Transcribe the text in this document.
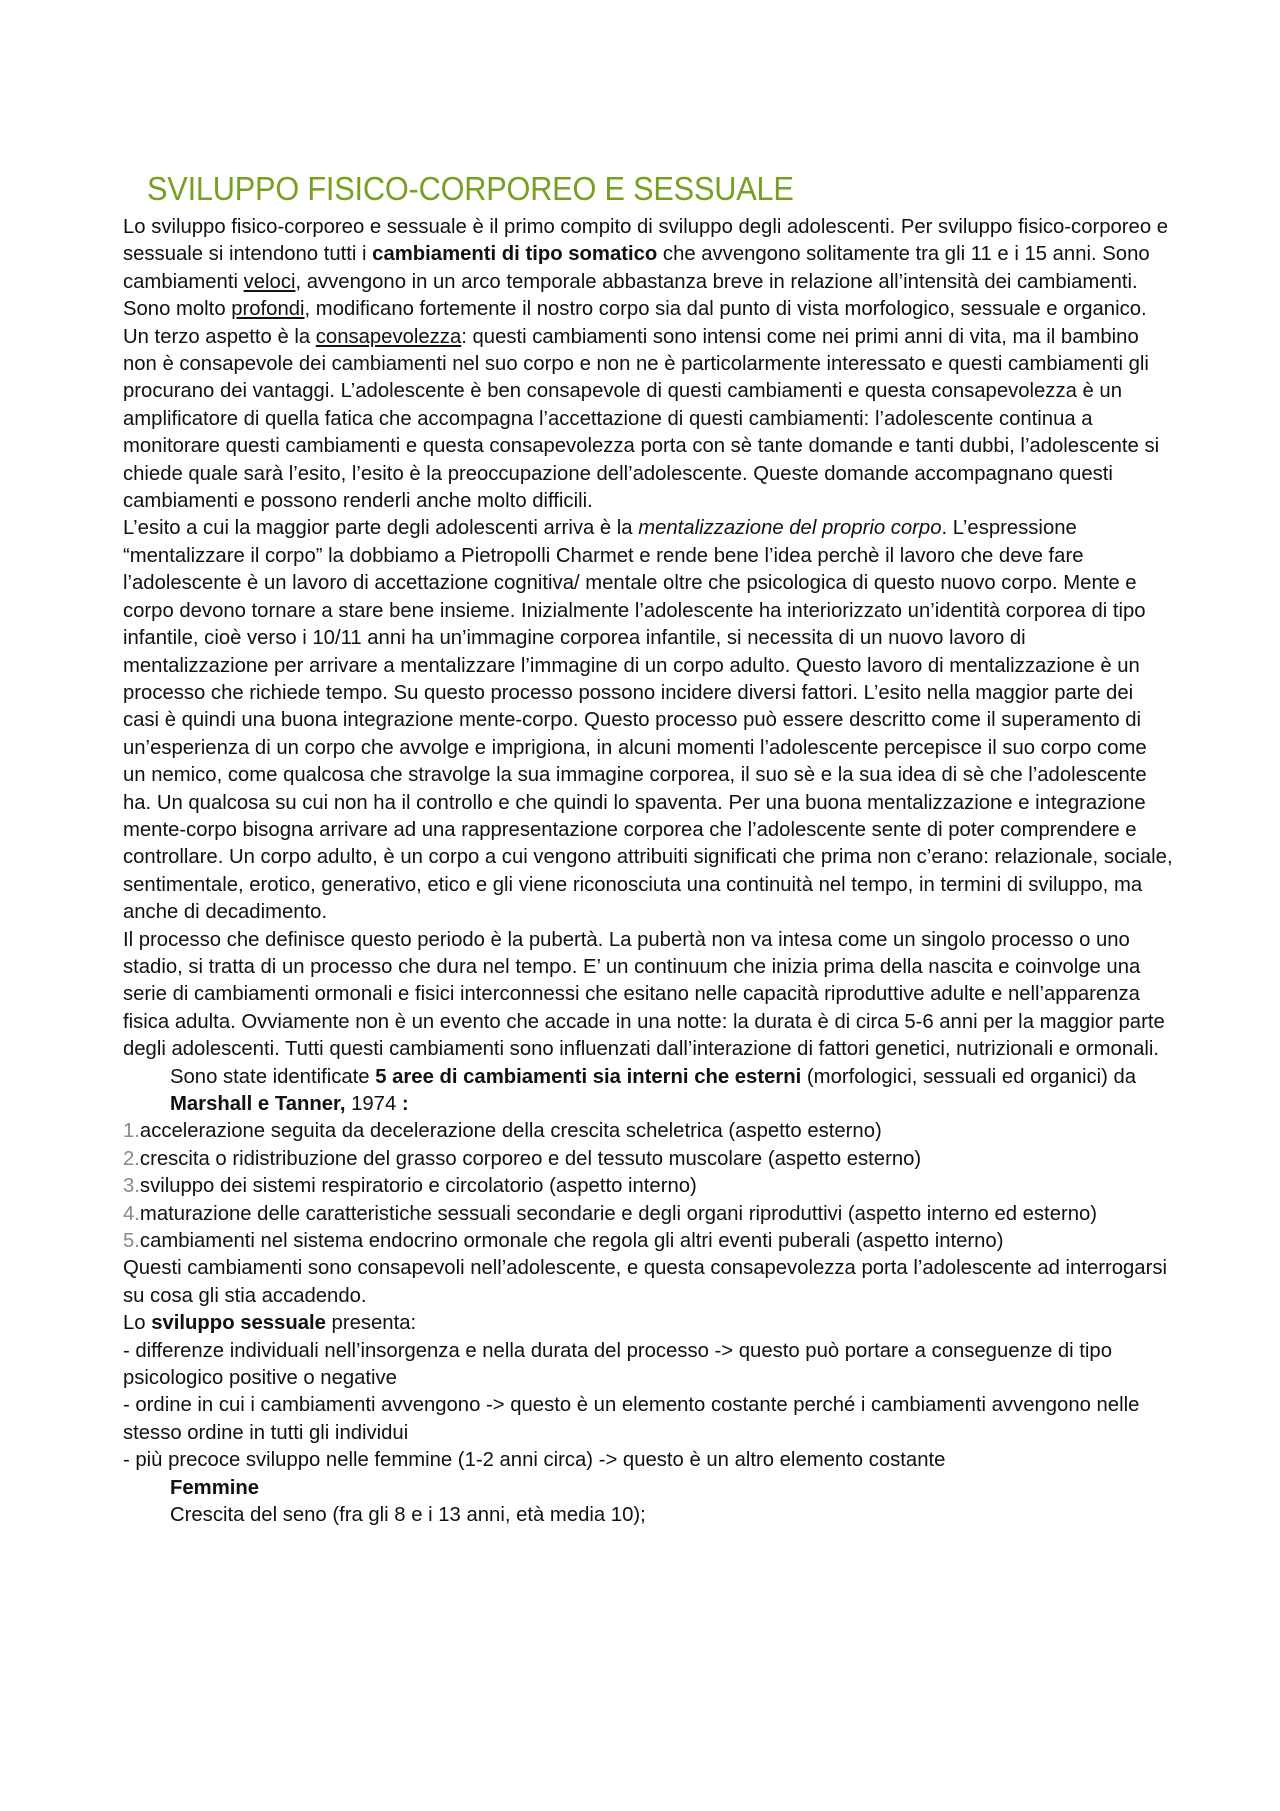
SVILUPPO FISICO-CORPOREO E SESSUALE

Lo sviluppo fisico-corporeo e sessuale è il primo compito di sviluppo degli adolescenti. Per sviluppo fisico-corporeo e sessuale si intendono tutti i cambiamenti di tipo somatico che avvengono solitamente tra gli 11 e i 15 anni. Sono cambiamenti veloci, avvengono in un arco temporale abbastanza breve in relazione all’intensità dei cambiamenti. Sono molto profondi, modificano fortemente il nostro corpo sia dal punto di vista morfologico, sessuale e organico. Un terzo aspetto è la consapevolezza: questi cambiamenti sono intensi come nei primi anni di vita, ma il bambino non è consapevole dei cambiamenti nel suo corpo e non ne è particolarmente interessato e questi cambiamenti gli procurano dei vantaggi. L’adolescente è ben consapevole di questi cambiamenti e questa consapevolezza è un amplificatore di quella fatica che accompagna l’accettazione di questi cambiamenti: l’adolescente continua a monitorare questi cambiamenti e questa consapevolezza porta con sè tante domande e tanti dubbi, l’adolescente si chiede quale sarà l’esito, l’esito è la preoccupazione dell’adolescente. Queste domande accompagnano questi cambiamenti e possono renderli anche molto difficili.

L’esito a cui la maggior parte degli adolescenti arriva è la mentalizzazione del proprio corpo. L’espressione “mentalizzare il corpo” la dobbiamo a Pietropolli Charmet e rende bene l’idea perchè il lavoro che deve fare l’adolescente è un lavoro di accettazione cognitiva/ mentale oltre che psicologica di questo nuovo corpo. Mente e corpo devono tornare a stare bene insieme. Inizialmente l’adolescente ha interiorizzato un’identità corporea di tipo infantile, cioè verso i 10/11 anni ha un’immagine corporea infantile, si necessita di un nuovo lavoro di mentalizzazione per arrivare a mentalizzare l’immagine di un corpo adulto. Questo lavoro di mentalizzazione è un processo che richiede tempo. Su questo processo possono incidere diversi fattori. L’esito nella maggior parte dei casi è quindi una buona integrazione mente-corpo. Questo processo può essere descritto come il superamento di un’esperienza di un corpo che avvolge e imprigiona, in alcuni momenti l’adolescente percepisce il suo corpo come un nemico, come qualcosa che stravolge la sua immagine corporea, il suo sè e la sua idea di sè che l’adolescente ha. Un qualcosa su cui non ha il controllo e che quindi lo spaventa. Per una buona mentalizzazione e integrazione mente-corpo bisogna arrivare ad una rappresentazione corporea che l’adolescente sente di poter comprendere e controllare. Un corpo adulto, è un corpo a cui vengono attribuiti significati che prima non c’erano: relazionale, sociale, sentimentale, erotico, generativo, etico e gli viene riconosciuta una continuità nel tempo, in termini di sviluppo, ma anche di decadimento.

Il processo che definisce questo periodo è la pubertà. La pubertà non va intesa come un singolo processo o uno stadio, si tratta di un processo che dura nel tempo. E’ un continuum che inizia prima della nascita e coinvolge una serie di cambiamenti ormonali e fisici interconnessi che esitano nelle capacità riproduttive adulte e nell’apparenza fisica adulta. Ovviamente non è un evento che accade in una notte: la durata è di circa 5-6 anni per la maggior parte degli adolescenti. Tutti questi cambiamenti sono influenzati dall’interazione di fattori genetici, nutrizionali e ormonali.

Sono state identificate 5 aree di cambiamenti sia interni che esterni (morfologici, sessuali ed organici) da Marshall e Tanner, 1974 :

1.accelerazione seguita da decelerazione della crescita scheletrica (aspetto esterno)

2.crescita o ridistribuzione del grasso corporeo e del tessuto muscolare (aspetto esterno)

3.sviluppo dei sistemi respiratorio e circolatorio (aspetto interno)

4.maturazione delle caratteristiche sessuali secondarie e degli organi riproduttivi (aspetto interno ed esterno)

5.cambiamenti nel sistema endocrino ormonale che regola gli altri eventi puberali (aspetto interno)

Questi cambiamenti sono consapevoli nell’adolescente, e questa consapevolezza porta l’adolescente ad interrogarsi su cosa gli stia accadendo.

Lo sviluppo sessuale presenta:

- differenze individuali nell’insorgenza e nella durata del processo -> questo può portare a conseguenze di tipo psicologico positive o negative

- ordine in cui i cambiamenti avvengono -> questo è un elemento costante perché i cambiamenti avvengono nelle stesso ordine in tutti gli individui

- più precoce sviluppo nelle femmine (1-2 anni circa) -> questo è un altro elemento costante

Femmine

Crescita del seno (fra gli 8 e i 13 anni, età media 10);
